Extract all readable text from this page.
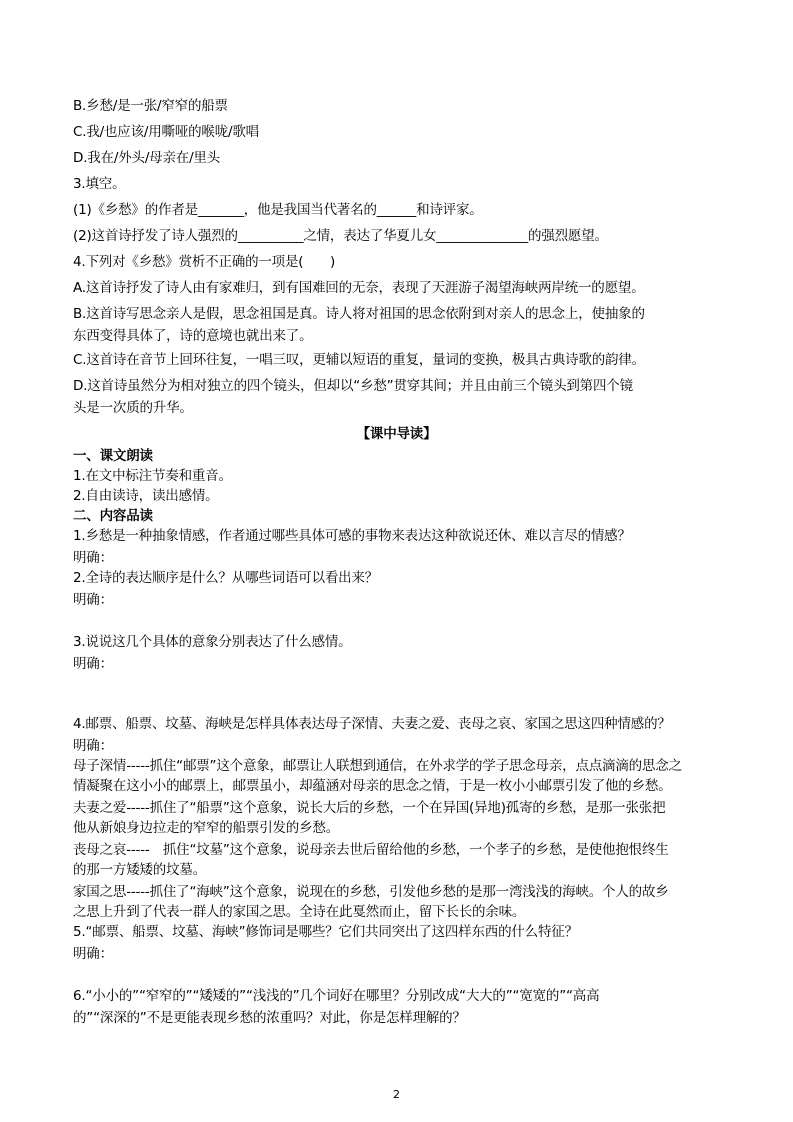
B.乡愁/是一张/窄窄的船票
C.我/也应该/用嘶哑的喉咙/歌唱
D.我在/外头/母亲在/里头
3.填空。
(1)《乡愁》的作者是_______，他是我国当代著名的______和诗评家。
(2)这首诗抒发了诗人强烈的__________之情，表达了华夏儿女______________的强烈愿望。
4.下列对《乡愁》赏析不正确的一项是(　　)
A.这首诗抒发了诗人由有家难归，到有国难回的无奈，表现了天涯游子渴望海峡两岸统一的愿望。
B.这首诗写思念亲人是假，思念祖国是真。诗人将对祖国的思念依附到对亲人的思念上，使抽象的
东西变得具体了，诗的意境也就出来了。
C.这首诗在音节上回环往复，一唱三叹，更辅以短语的重复，量词的变换，极具古典诗歌的韵律。
D.这首诗虽然分为相对独立的四个镜头，但却以“乡愁”贯穿其间；并且由前三个镜头到第四个镜
头是一次质的升华。
【课中导读】
一、课文朗读
1.在文中标注节奏和重音。
2.自由读诗，读出感情。
二、内容品读
1.乡愁是一种抽象情感，作者通过哪些具体可感的事物来表达这种欲说还休、难以言尽的情感？
明确：
2.全诗的表达顺序是什么？从哪些词语可以看出来？
明确：
3.说说这几个具体的意象分别表达了什么感情。
明确：
4.邮票、船票、坟墓、海峡是怎样具体表达母子深情、夫妻之爱、丧母之哀、家国之思这四种情感的？
明确：
母子深情-----抓住“邮票”这个意象，邮票让人联想到通信，在外求学的学子思念母亲，点点滴滴的思念之
情凝聚在这小小的邮票上，邮票虽小，却蕴涵对母亲的思念之情，于是一枚小小邮票引发了他的乡愁。
夫妻之爱-----抓住了“船票”这个意象，说长大后的乡愁，一个在异国(异地)孤寄的乡愁，是那一张张把
他从新娘身边拉走的窄窄的船票引发的乡愁。
丧母之哀-----　抓住“坟墓”这个意象，说母亲去世后留给他的乡愁，一个孝子的乡愁，是使他抱恨终生
的那一方矮矮的坟墓。
家国之思-----抓住了“海峡”这个意象，说现在的乡愁，引发他乡愁的是那一湾浅浅的海峡。个人的故乡
之思上升到了代表一群人的家国之思。全诗在此戛然而止，留下长长的余味。
5.“邮票、船票、坟墓、海峡”修饰词是哪些？它们共同突出了这四样东西的什么特征？
明确：
6.“小小的”“窄窄的”“矮矮的”“浅浅的”几个词好在哪里？分别改成“大大的”“宽宽的”“高高
的”“深深的”不是更能表现乡愁的浓重吗？对此，你是怎样理解的？
2
